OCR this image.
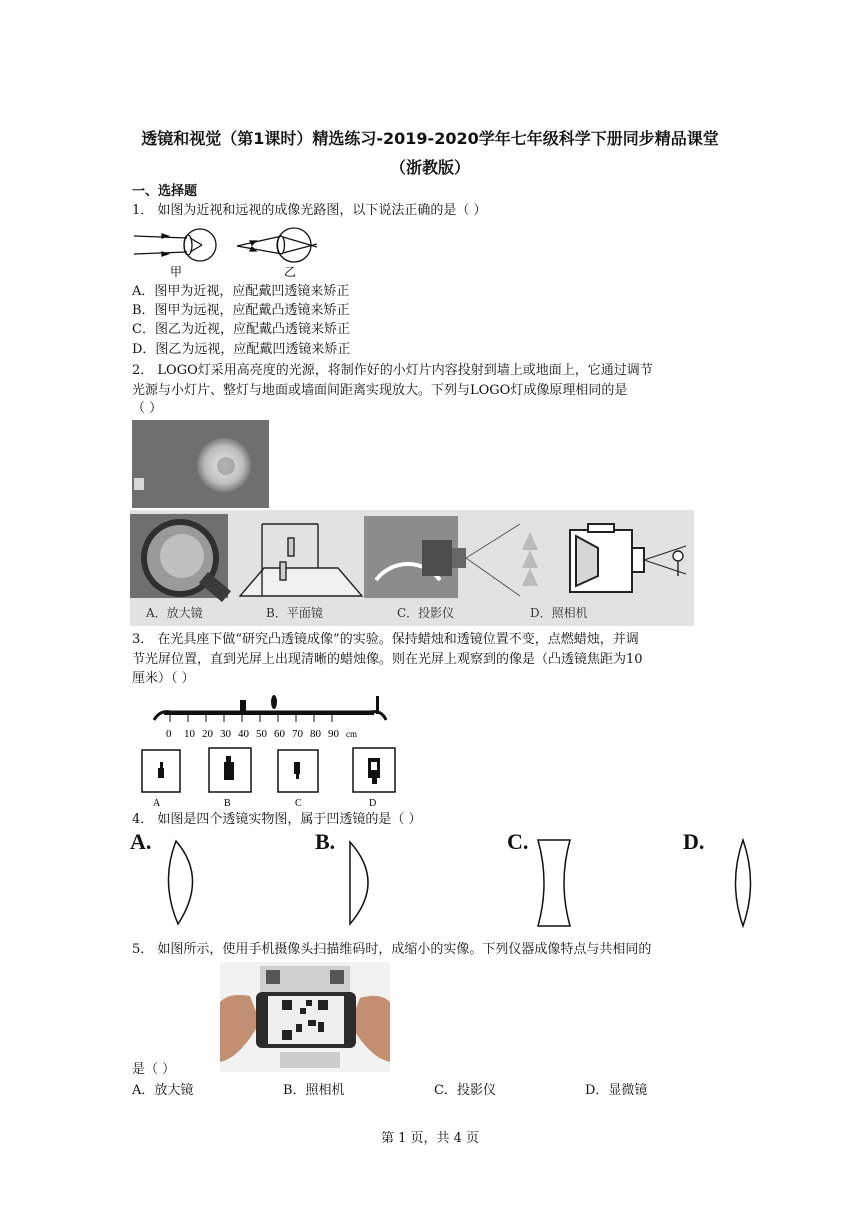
透镜和视觉（第1课时）精选练习-2019-2020学年七年级科学下册同步精品课堂
（浙教版）
一、选择题
1． 如图为近视和远视的成像光路图，以下说法正确的是（ ）
甲	乙
A．图甲为近视，应配戴凹透镜来矫正
B．图甲为远视，应配戴凸透镜来矫正
C．图乙为近视，应配戴凸透镜来矫正
D．图乙为远视，应配戴凹透镜来矫正
2． LOGO灯采用高亮度的光源，将制作好的小灯片内容投射到墙上或地面上，它通过调节
光源与小灯片、整灯与地面或墙面间距离实现放大。下列与LOGO灯成像原理相同的是
（ ）
A．放大镜	B．平面镜	C．投影仪	D．照相机
3． 在光具座下做“研究凸透镜成像”的实验。保持蜡烛和透镜位置不变，点燃蜡烛，并调
节光屏位置，直到光屏上出现清晰的蜡烛像。则在光屏上观察到的像是（凸透镜焦距为10
厘米）（ ）
0 10 20 30 40 50 60 70 80 90 cm
A	B	C	D
4． 如图是四个透镜实物图，属于凹透镜的是（ ）
A.	B.	C.	D.
5． 如图所示，使用手机摄像头扫描维码时，成缩小的实像。下列仪器成像特点与共相同的
是（ ）
A．放大镜	B．照相机	C．投影仪	D．显微镜
第 1 页，共 4 页
